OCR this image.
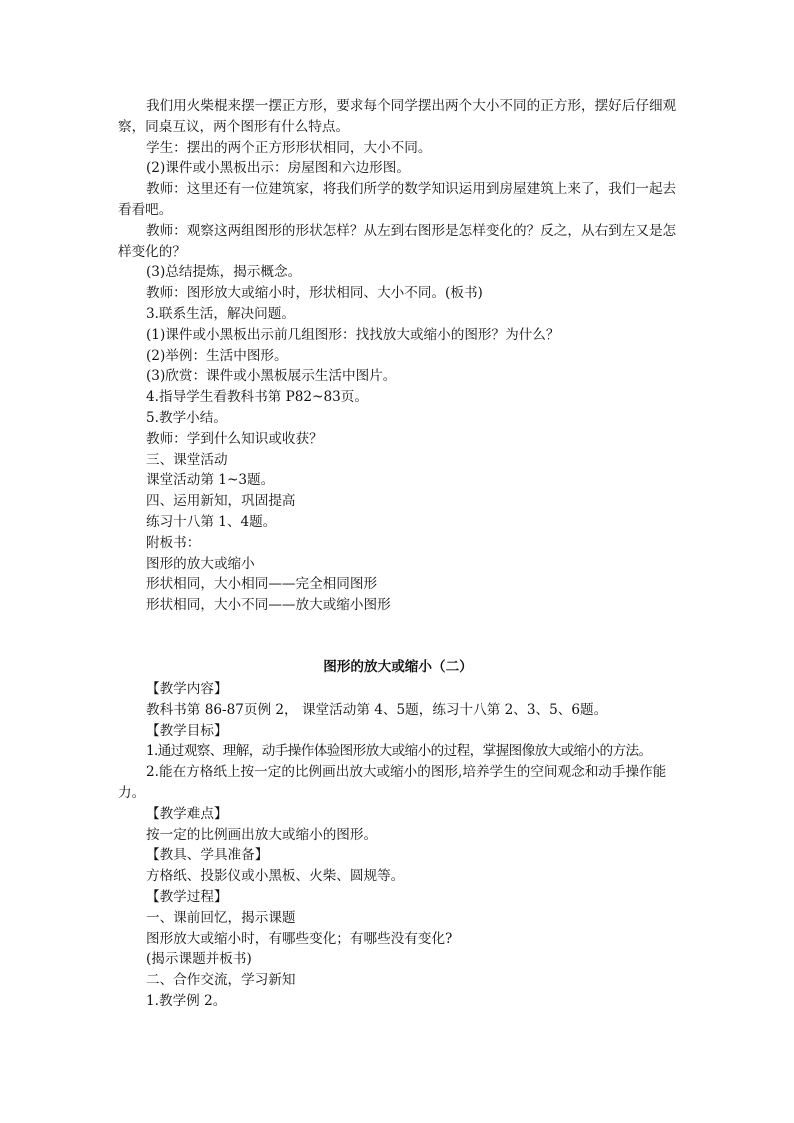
我们用火柴棍来摆一摆正方形，要求每个同学摆出两个大小不同的正方形，摆好后仔细观察，同桌互议，两个图形有什么特点。

学生：摆出的两个正方形形状相同，大小不同。

(2)课件或小黑板出示：房屋图和六边形图。

教师：这里还有一位建筑家，将我们所学的数学知识运用到房屋建筑上来了，我们一起去看看吧。

教师：观察这两组图形的形状怎样？从左到右图形是怎样变化的？反之，从右到左又是怎样变化的？

(3)总结提炼，揭示概念。

教师：图形放大或缩小时，形状相同、大小不同。(板书)

3.联系生活，解决问题。

(1)课件或小黑板出示前几组图形：找找放大或缩小的图形？为什么？

(2)举例：生活中图形。

(3)欣赏：课件或小黑板展示生活中图片。

4.指导学生看教科书第 P82~83页。

5.教学小结。

教师：学到什么知识或收获？

三、课堂活动

课堂活动第 1~3题。

四、运用新知，巩固提高

练习十八第 1、4题。

附板书：

图形的放大或缩小

形状相同，大小相同——完全相同图形

形状相同，大小不同——放大或缩小图形

图形的放大或缩小（二）

【教学内容】

教科书第 86-87页例 2， 课堂活动第 4、5题，练习十八第 2、3、5、6题。

【教学目标】

1.通过观察、理解，动手操作体验图形放大或缩小的过程，掌握图像放大或缩小的方法。

2.能在方格纸上按一定的比例画出放大或缩小的图形,培养学生的空间观念和动手操作能力。

【教学难点】

按一定的比例画出放大或缩小的图形。

【教具、学具准备】

方格纸、投影仪或小黑板、火柴、圆规等。

【教学过程】

一、课前回忆，揭示课题

图形放大或缩小时，有哪些变化；有哪些没有变化?

(揭示课题并板书)

二、合作交流，学习新知

1.教学例 2。
